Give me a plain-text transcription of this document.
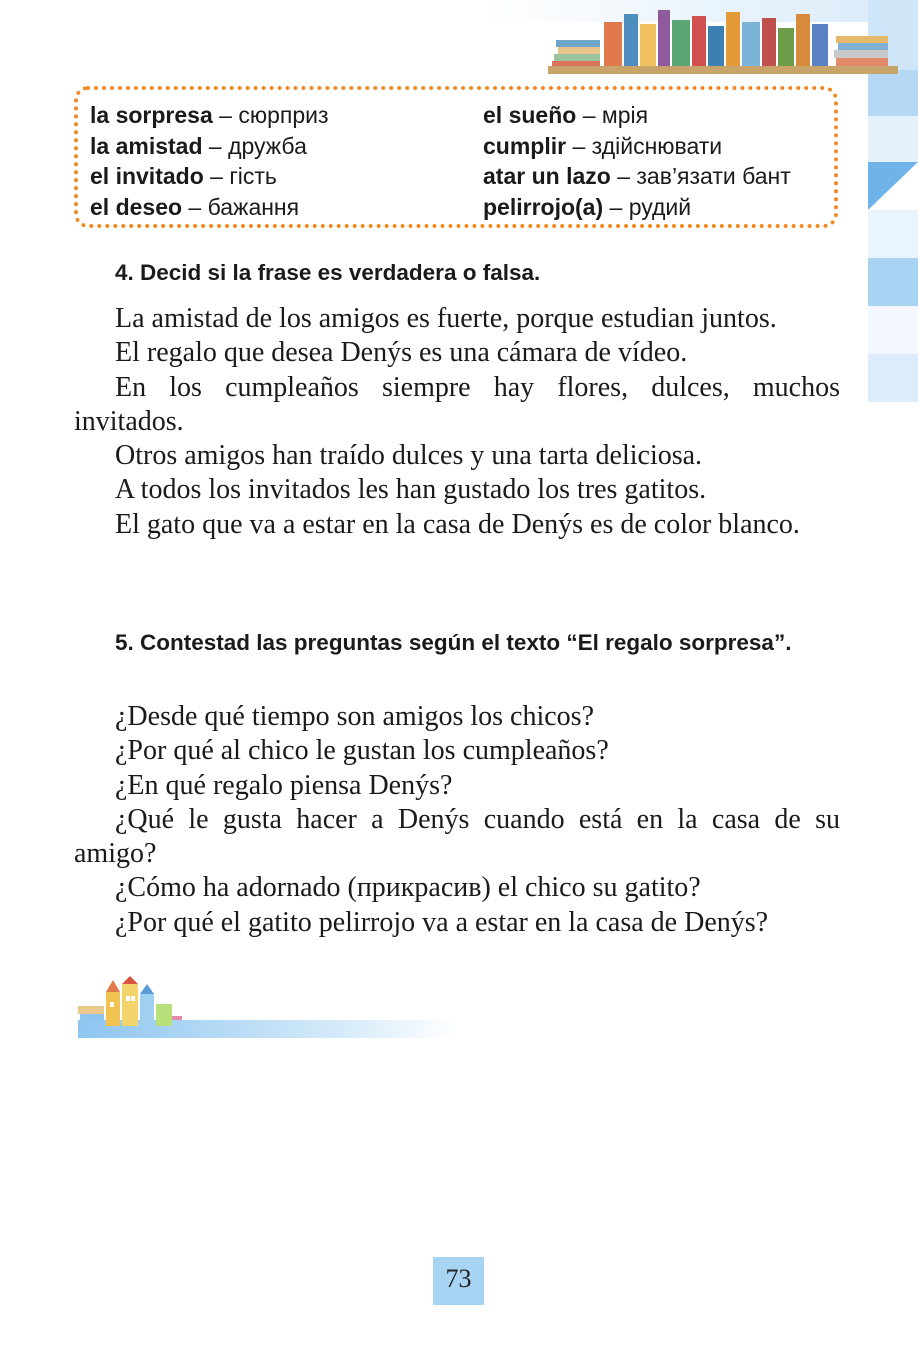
la sorpresa – сюрприз
la amistad – дружба
el invitado – гість
el deseo – бажання
el sueño – мрія
cumplir – здійснювати
atar un lazo – зав’язати бант
pelirrojo(a) – рудий
4. Decid si la frase es verdadera o falsa.

La amistad de los amigos es fuerte, porque estudian juntos.

El regalo que desea Denýs es una cámara de vídeo.

En los cumpleaños siempre hay flores, dulces, muchos invitados.

Otros amigos han traído dulces y una tarta deliciosa.

A todos los invitados les han gustado los tres gatitos.

El gato que va a estar en la casa de Denýs es de color blanco.

5. Contestad las preguntas según el texto “El regalo sorpresa”.

¿Desde qué tiempo son amigos los chicos?

¿Por qué al chico le gustan los cumpleaños?

¿En qué regalo piensa Denýs?

¿Qué le gusta hacer a Denýs cuando está en la casa de su amigo?

¿Cómo ha adornado (прикрасив) el chico su gatito?

¿Por qué el gatito pelirrojo va a estar en la casa de Denýs?

73
